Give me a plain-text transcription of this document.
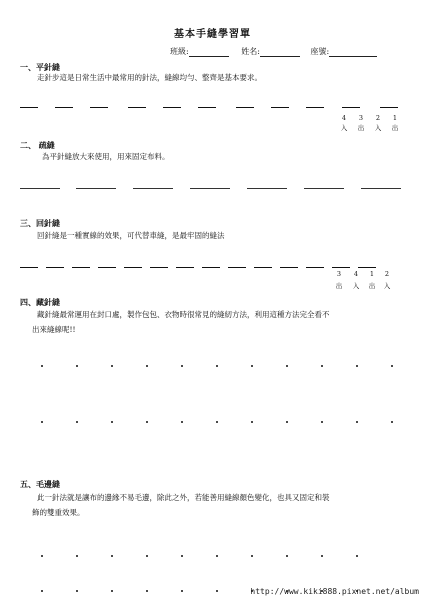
基本手縫學習單
班級:	姓名:	座號:
一、平針縫
走針步這是日常生活中最常用的針法，縫線均勻、整齊是基本要求。
4	3	2	1
入	出	入	出
二、 疏縫
為平針縫放大來使用，用來固定布料。
三、回針縫
回針縫是一種實線的效果，可代替車縫，是最牢固的縫法
3	4	1	2
出	入	出	入
四、藏針縫
藏針縫最常運用在封口處，製作包包、衣物時很常見的縫紉方法，利用這種方法完全看不
出來縫線呢!!
五、毛邊縫
此一針法就是讓布的邊緣不易毛邊，除此之外，若能善用縫線顏色變化，也具又固定和裝
飾的雙重效果。
http://www.kiki888.pixnet.net/album
